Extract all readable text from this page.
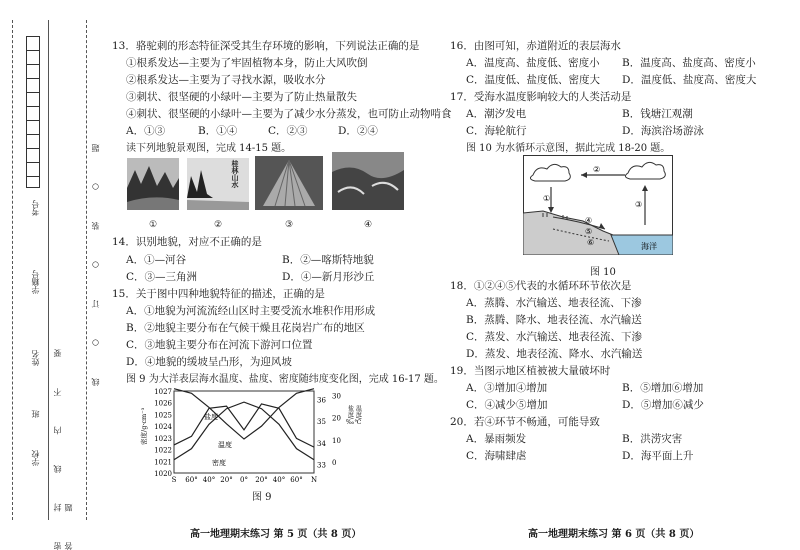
考号
学籍号
姓名
班
学校 密 封 线 内 不 要 答 题
线 ○ 订 ○ 装 ○ 题
13．骆驼刺的形态特征深受其生存环境的影响，下列说法正确的是
①根系发达—主要为了牢固植物本身，防止大风吹倒
②根系发达—主要为了寻找水源，吸收水分
③刺状、很坚硬的小绿叶—主要为了防止热量散失
④刺状、很坚硬的小绿叶—主要为了减少水分蒸发，也可防止动物啃食
A．①③	B．①④	C．②③	D．②④
读下列地貌景观图，完成 14-15 题。
桂林山水
①	②	③	④
14．识别地貌，对应不正确的是
A．①—河谷	B．②—喀斯特地貌
C．③—三角洲	D．④—新月形沙丘
15．关于图中四种地貌特征的描述，正确的是
A．①地貌为河流流经山区时主要受流水堆积作用形成
B．②地貌主要分布在气候干燥且花岗岩广布的地区
C．③地貌主要分布在河流下游河口位置
D．④地貌的缓坡呈凸形，为迎风坡
图 9 为大洋表层海水温度、盐度、密度随纬度变化图，完成 16-17 题。
1020
1021
1022
1023
1024
1025
1026
1027
密度/g·cm⁻³
33
34
35
36
0
10
20
30
盐度/‰ 温度/℃
S 60° 40° 20° 0° 20° 40° 60° N
盐度
温度
密度
图 9
高一地理期末练习 第 5 页（共 8 页）
16．由图可知，赤道附近的表层海水
A．温度高、盐度低、密度小 B．温度高、盐度高、密度小
C．温度低、盐度低、密度大 D．温度低、盐度高、密度大
17．受海水温度影响较大的人类活动是
A．潮汐发电	B．钱塘江观潮
C．海轮航行	D．海滨浴场游泳
图 10 为水循环示意图，据此完成 18-20 题。
①
②
③
④
⑤
⑥	海洋
图 10
18．①②④⑤代表的水循环环节依次是
A．蒸腾、水汽输送、地表径流、下渗
B．蒸腾、降水、地表径流、水汽输送
C．蒸发、水汽输送、地表径流、下渗
D．蒸发、地表径流、降水、水汽输送
19．当图示地区植被被大量破坏时
A．③增加④增加	B．⑤增加⑥增加
C．④减少⑤增加	D．⑤增加⑥减少
20．若④环节不畅通，可能导致
A．暴雨频发	B．洪涝灾害
C．海啸肆虐	D．海平面上升
高一地理期末练习 第 6 页（共 8 页）
